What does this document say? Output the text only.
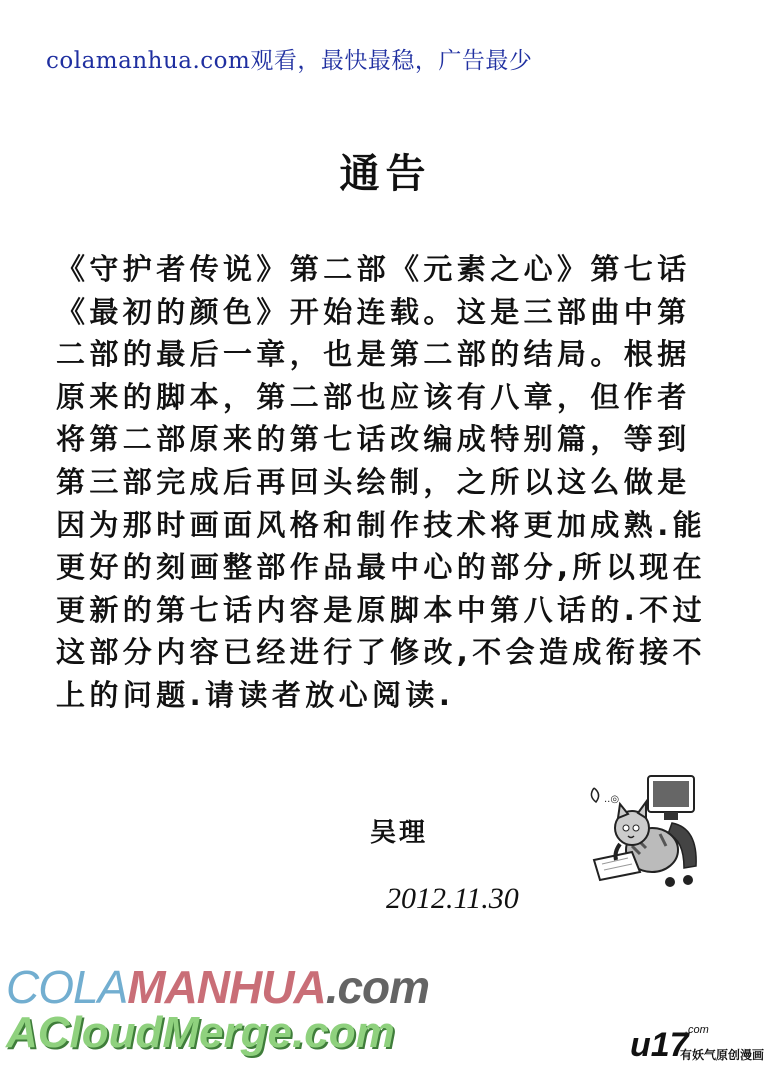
colamanhua.com观看，最快最稳，广告最少
通告
《守护者传说》第二部《元素之心》第七话
《最初的颜色》开始连载。这是三部曲中第
二部的最后一章，也是第二部的结局。根据
原来的脚本，第二部也应该有八章，但作者
将第二部原来的第七话改编成特别篇，等到
第三部完成后再回头绘制，之所以这么做是
因为那时画面风格和制作技术将更加成熟.能
更好的刻画整部作品最中心的部分,所以现在
更新的第七话内容是原脚本中第八话的.不过
这部分内容已经进行了修改,不会造成衔接不
上的问题.请读者放心阅读.
吴理
2012.11.30
..◎
COLAMANHUA.com
ACloudMerge.com	u17
.com
有妖气原创漫画
